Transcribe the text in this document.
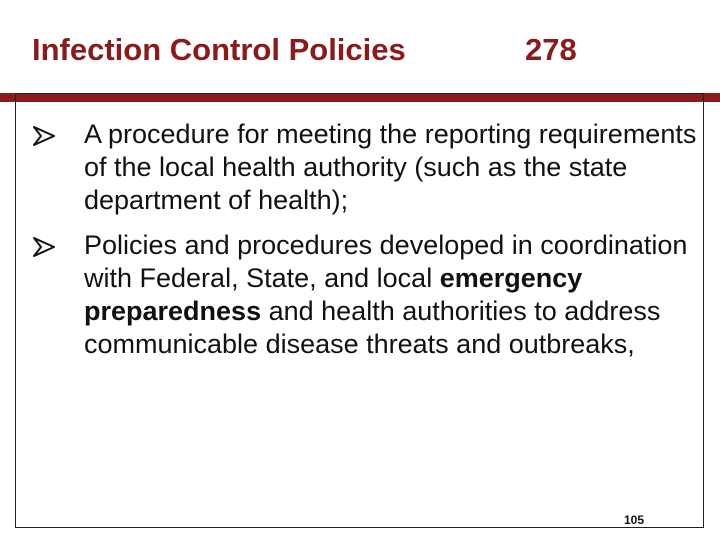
Infection Control Policies	278
A procedure for meeting the reporting requirements of the local health authority (such as the state department of health);
Policies and procedures developed in coordination with Federal, State, and local emergency preparedness and health authorities to address communicable disease threats and outbreaks,
105
